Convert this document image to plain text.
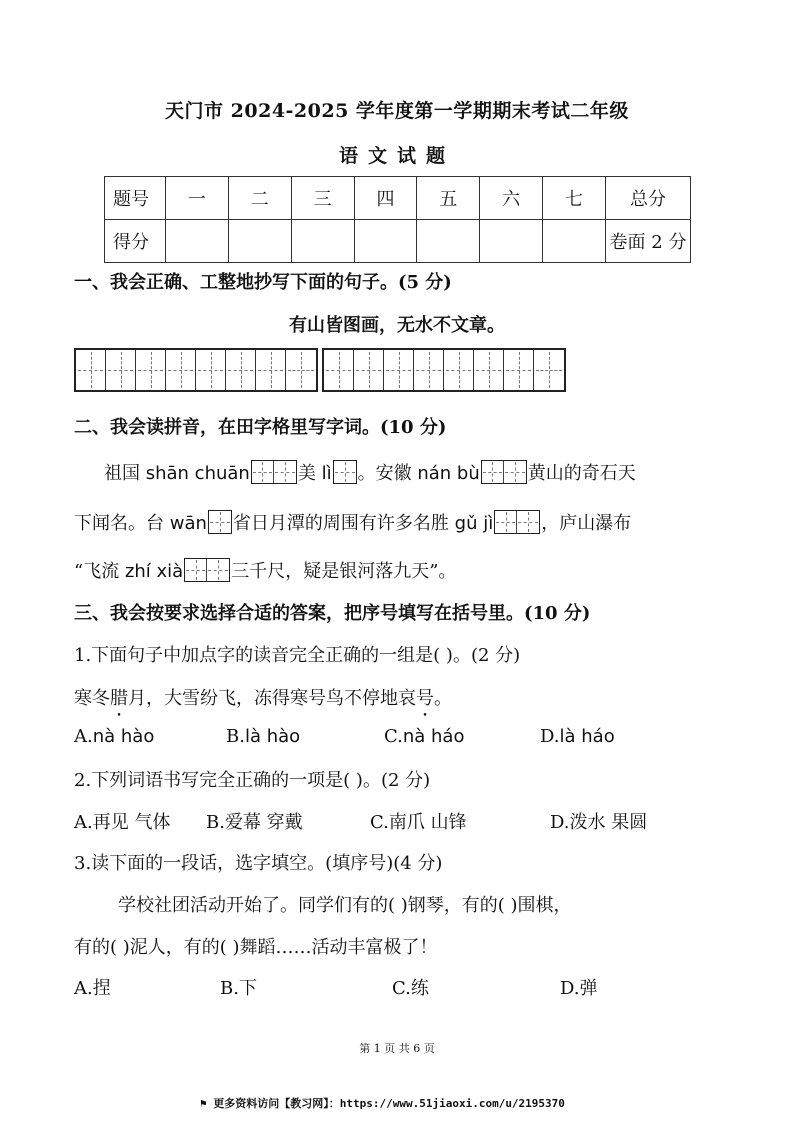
天门市 2024-2025 学年度第一学期期末考试二年级
语文试题
题号	一	二	三	四	五	六	七	总分
得分								卷面 2 分
一、我会正确、工整地抄写下面的句子。(5 分)
有山皆图画，无水不文章。
二、我会读拼音，在田字格里写字词。(10 分)
祖国 shān chuān	美 lì 。安徽 nán bù	黄山的奇石天
下闻名。台 wān 省日月潭的周围有许多名胜 gǔ jì	，庐山瀑布
“飞流 zhí xià	三千尺，疑是银河落九天”。
三、我会按要求选择合适的答案，把序号填写在括号里。(10 分)
1.下面句子中加点字的读音完全正确的一组是( )。(2 分)
寒冬腊月，大雪纷飞，冻得寒号鸟不停地哀号。
A.nà hào	B.là hào	C.nà háo	D.là háo
2.下列词语书写完全正确的一项是( )。(2 分)
A.再见 气体 B.爱幕 穿戴	C.南爪 山锋	D.泼水 果圆
3.读下面的一段话，选字填空。(填序号)(4 分)
学校社团活动开始了。同学们有的( )钢琴，有的( )围棋，
有的( )泥人，有的( )舞蹈……活动丰富极了！
A.捏	B.下	C.练	D.弹
第 1 页 共 6 页
⚑ 更多资料访问【教习网】：https://www.51jiaoxi.com/u/2195370
